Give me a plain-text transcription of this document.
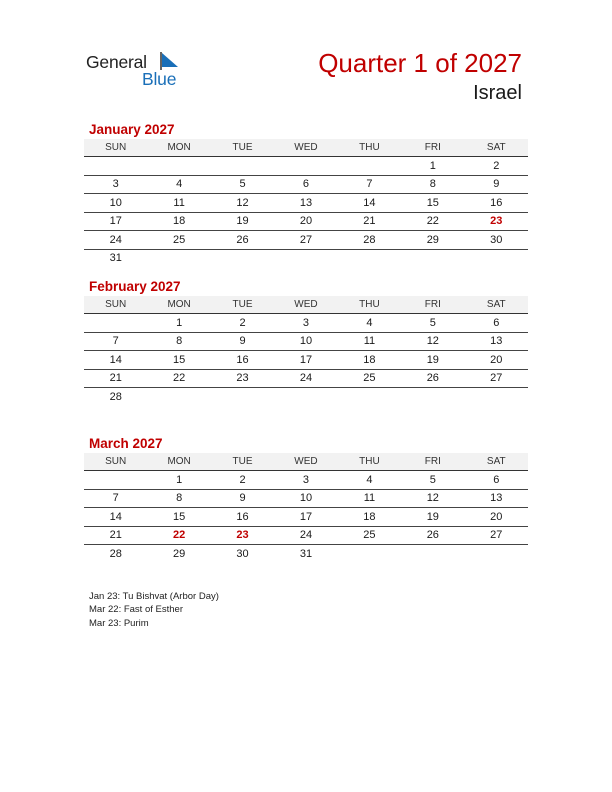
General
Blue
Quarter 1 of 2027
Israel
January 2027
SUN	MON	TUE	WED	THU	FRI	SAT
					1	2
3	4	5	6	7	8	9
10	11	12	13	14	15	16
17	18	19	20	21	22	23
24	25	26	27	28	29	30
31						
February 2027
SUN	MON	TUE	WED	THU	FRI	SAT
	1	2	3	4	5	6
7	8	9	10	11	12	13
14	15	16	17	18	19	20
21	22	23	24	25	26	27
28						
March 2027
SUN	MON	TUE	WED	THU	FRI	SAT
	1	2	3	4	5	6
7	8	9	10	11	12	13
14	15	16	17	18	19	20
21	22	23	24	25	26	27
28	29	30	31			
Jan 23: Tu Bishvat (Arbor Day)
Mar 22: Fast of Esther
Mar 23: Purim
